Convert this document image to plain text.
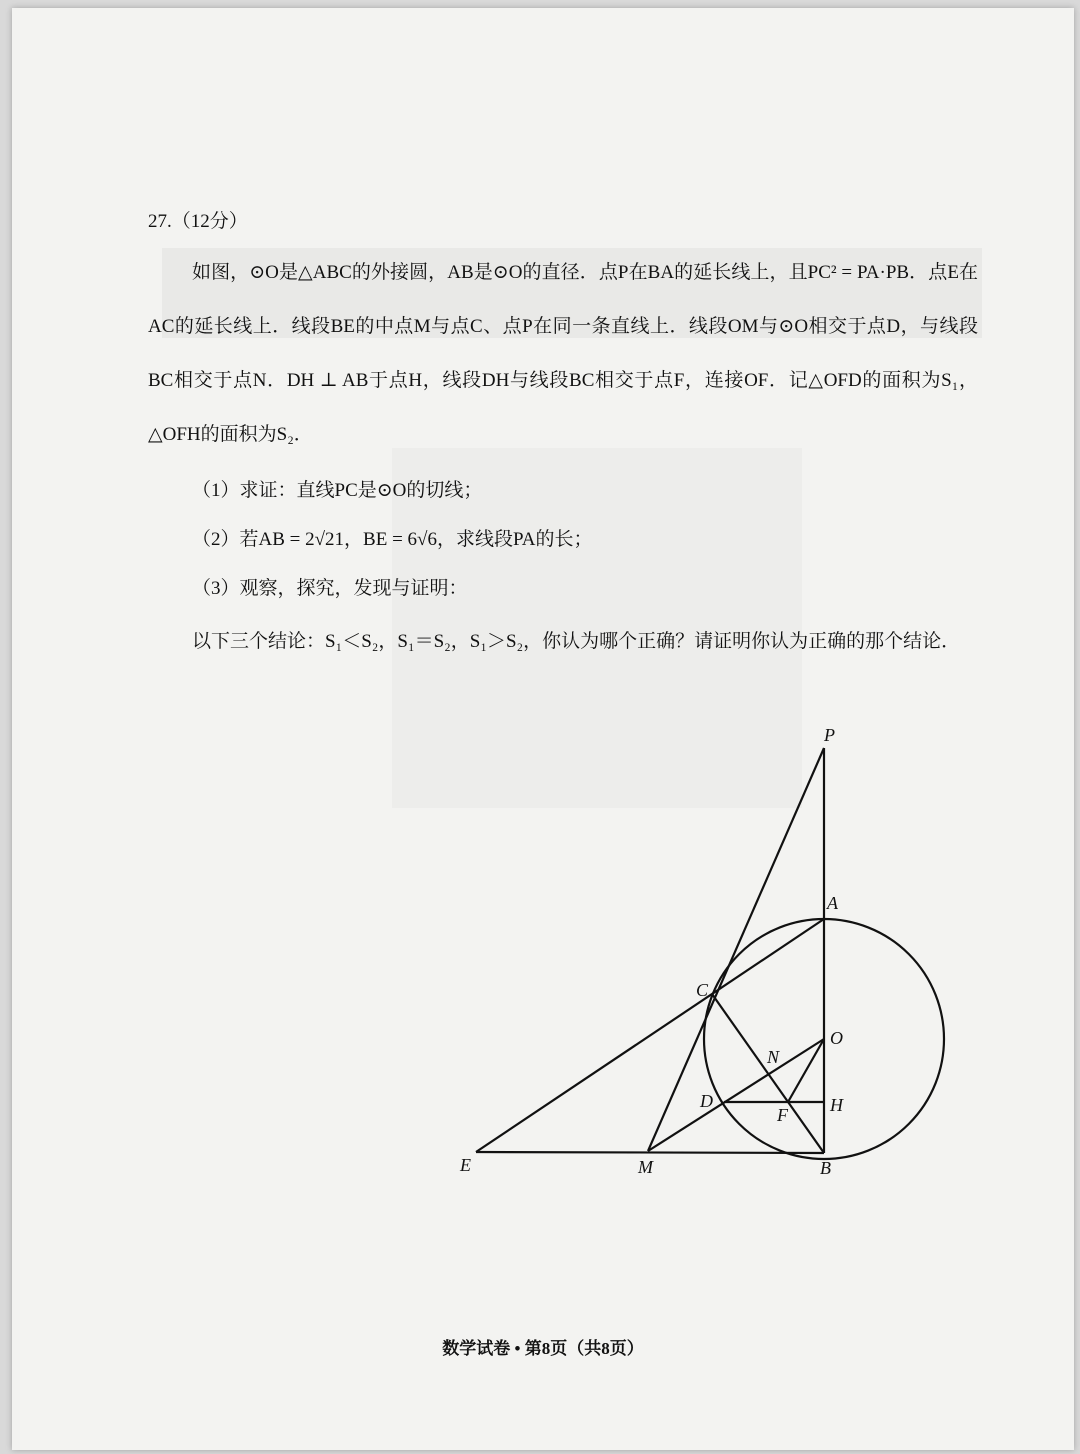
27.（12分）

如图，⊙O是△ABC的外接圆，AB是⊙O的直径．点P在BA的延长线上，且PC² = PA·PB．点E在AC的延长线上．线段BE的中点M与点C、点P在同一条直线上．线段OM与⊙O相交于点D，与线段BC相交于点N．DH ⊥ AB于点H，线段DH与线段BC相交于点F，连接OF．记△OFD的面积为S₁，△OFH的面积为S₂．

（1）求证：直线PC是⊙O的切线；

（2）若AB = 2√21，BE = 6√6，求线段PA的长；

（3）观察，探究，发现与证明：

以下三个结论：S₁＜S₂，S₁＝S₂，S₁＞S₂，你认为哪个正确？请证明你认为正确的那个结论．

P
A
C
O
N
D	H
F
E	M	B
数学试卷 • 第8页（共8页）
